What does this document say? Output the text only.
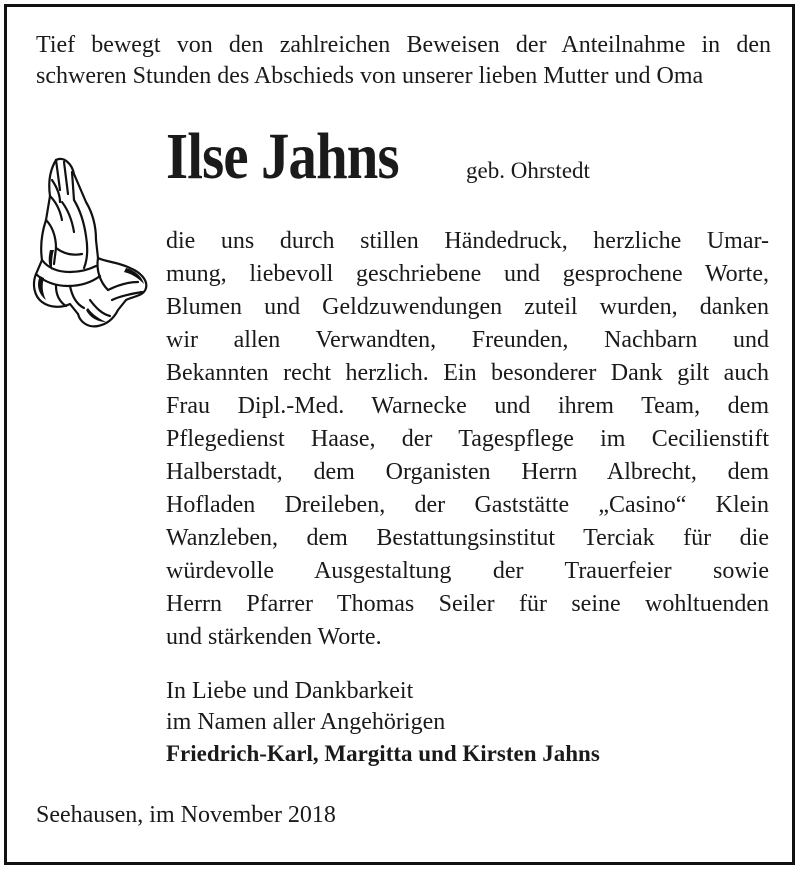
Tief bewegt von den zahlreichen Beweisen der Anteilnahme in den schweren Stunden des Abschieds von unserer lieben Mutter und Oma
Ilse Jahns	geb. Ohrstedt
die uns durch stillen Händedruck, herzliche Umar-
mung, liebevoll geschriebene und gesprochene Worte,
Blumen und Geldzuwendungen zuteil wurden, danken
wir allen Verwandten, Freunden, Nachbarn und
Bekannten recht herzlich. Ein besonderer Dank gilt auch
Frau Dipl.-Med. Warnecke und ihrem Team, dem
Pflegedienst Haase, der Tagespflege im Cecilienstift
Halberstadt, dem Organisten Herrn Albrecht, dem
Hofladen Dreileben, der Gaststätte „Casino“ Klein
Wanzleben, dem Bestattungsinstitut Terciak für die
würdevolle Ausgestaltung der Trauerfeier sowie
Herrn Pfarrer Thomas Seiler für seine wohltuenden
und stärkenden Worte.
In Liebe und Dankbarkeit
im Namen aller Angehörigen
Friedrich-Karl, Margitta und Kirsten Jahns
Seehausen, im November 2018
